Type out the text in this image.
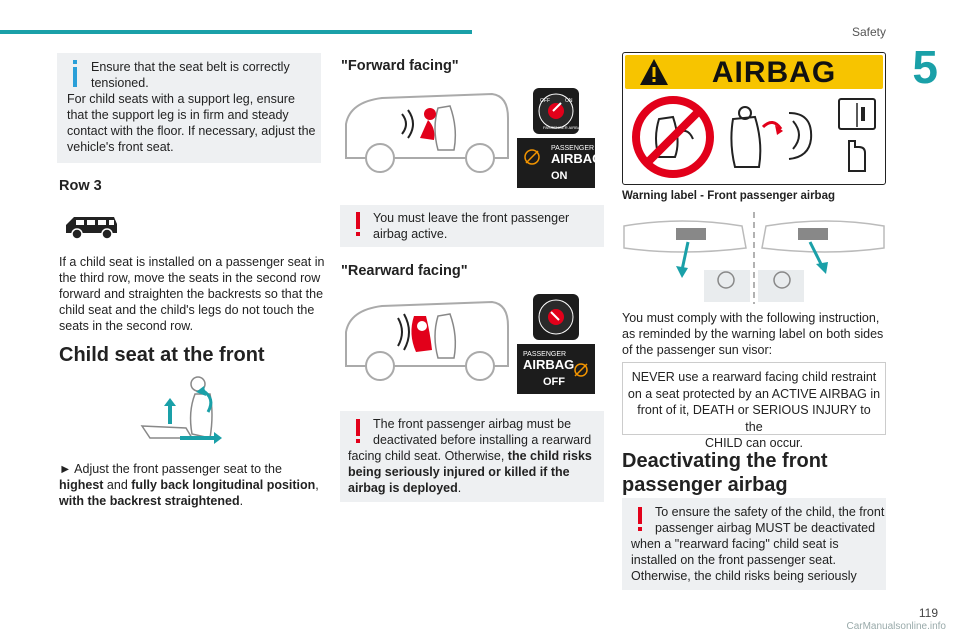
Safety
5
Ensure that the seat belt is correctly
tensioned.
For child seats with a support leg, ensure
that the support leg is in firm and steady
contact with the floor. If necessary, adjust the
vehicle's front seat.
Row 3
If a child seat is installed on a passenger seat in
the third row, move the seats in the second row
forward and straighten the backrests so that the
child seat and the child's legs do not touch the
seats in the second row.
Child seat at the front
► Adjust the front passenger seat to the
highest and fully back longitudinal position,
with the backrest straightened.
"Forward facing"
OFF	ON
PASSENGER AIRBAG
PASSENGER
AIRBAG
ON
You must leave the front passenger
airbag active.
"Rearward facing"
PASSENGER
AIRBAG
OFF
The front passenger airbag must be
deactivated before installing a rearward
facing child seat. Otherwise, the child risks
being seriously injured or killed if the
airbag is deployed.
AIRBAG
Warning label - Front passenger airbag
You must comply with the following instruction,
as reminded by the warning label on both sides
of the passenger sun visor:
NEVER use a rearward facing child restraint
on a seat protected by an ACTIVE AIRBAG in
front of it, DEATH or SERIOUS INJURY to the
CHILD can occur.
Deactivating the front
passenger airbag
To ensure the safety of the child, the front
passenger airbag MUST be deactivated
when a "rearward facing" child seat is
installed on the front passenger seat.
Otherwise, the child risks being seriously
119
CarManualsonline.info
